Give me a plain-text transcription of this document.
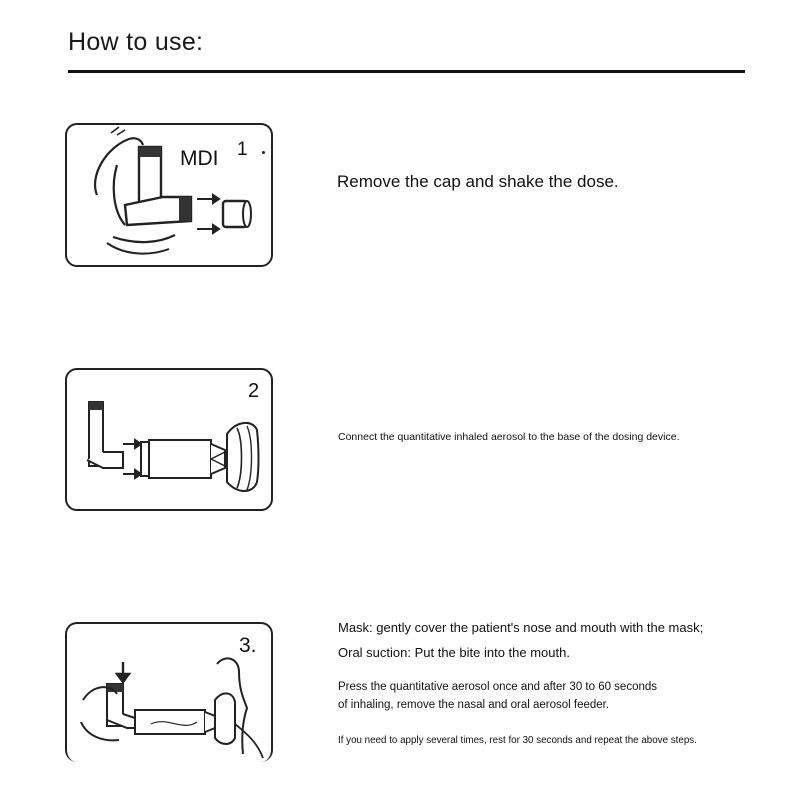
How to use:
MDI 1
Remove the cap and shake the dose.
2
Connect the quantitative inhaled aerosol to the base of the dosing device.
3.
Mask: gently cover the patient's nose and mouth with the mask;
Oral suction: Put the bite into the mouth.
Press the quantitative aerosol once and after 30 to 60 seconds
of inhaling, remove the nasal and oral aerosol feeder.
If you need to apply several times, rest for 30 seconds and repeat the above steps.
